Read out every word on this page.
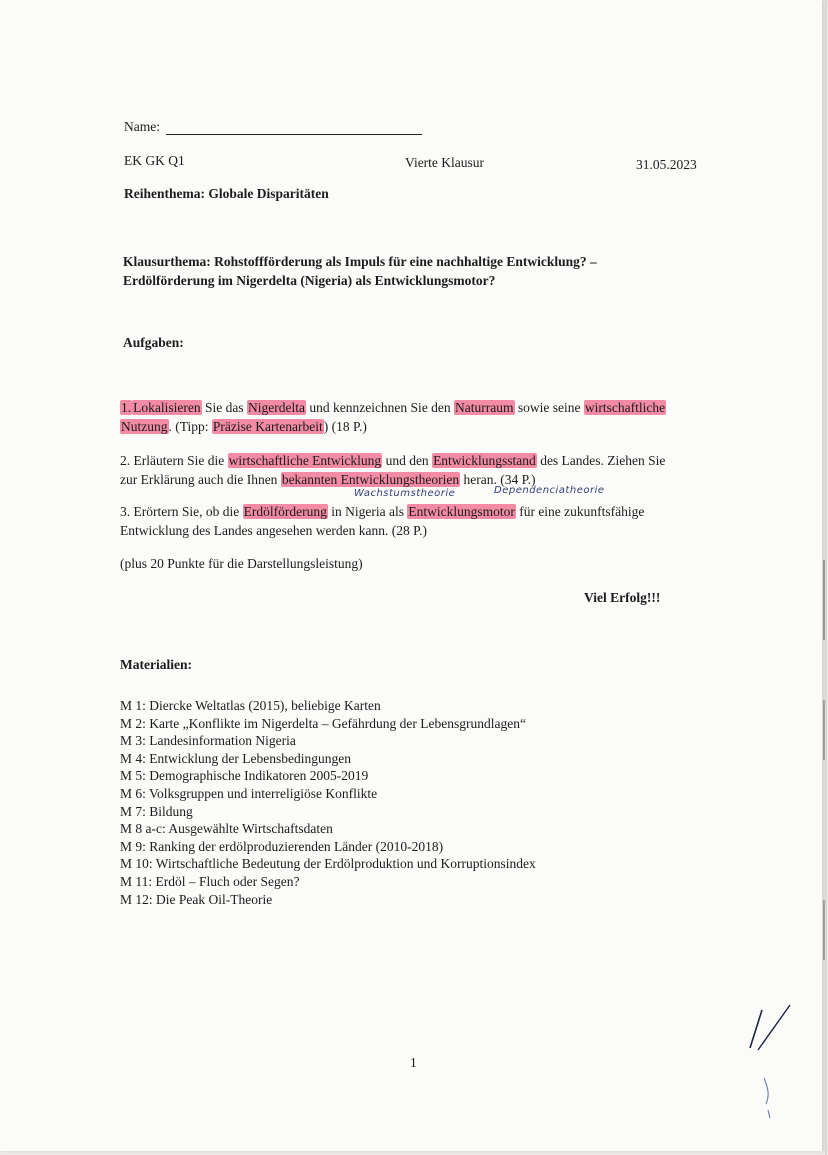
Name:
EK GK Q1	Vierte Klausur	31.05.2023
Reihenthema: Globale Disparitäten
Klausurthema: Rohstoffförderung als Impuls für eine nachhaltige Entwicklung? –
Erdölförderung im Nigerdelta (Nigeria) als Entwicklungsmotor?
Aufgaben:
1. Lokalisieren Sie das Nigerdelta und kennzeichnen Sie den Naturraum sowie seine wirtschaftliche
Nutzung. (Tipp: Präzise Kartenarbeit) (18 P.)
2. Erläutern Sie die wirtschaftliche Entwicklung und den Entwicklungsstand des Landes. Ziehen Sie
zur Erklärung auch die Ihnen bekannten Entwicklungstheorien heran. (34 P.)
Wachstumstheorie	Dependenciatheorie
3. Erörtern Sie, ob die Erdölförderung in Nigeria als Entwicklungsmotor für eine zukunftsfähige
Entwicklung des Landes angesehen werden kann. (28 P.)
(plus 20 Punkte für die Darstellungsleistung)
Viel Erfolg!!!
Materialien:
M 1: Diercke Weltatlas (2015), beliebige Karten
M 2: Karte „Konflikte im Nigerdelta – Gefährdung der Lebensgrundlagen“
M 3: Landesinformation Nigeria
M 4: Entwicklung der Lebensbedingungen
M 5: Demographische Indikatoren 2005-2019
M 6: Volksgruppen und interreligiöse Konflikte
M 7: Bildung
M 8 a-c: Ausgewählte Wirtschaftsdaten
M 9: Ranking der erdölproduzierenden Länder (2010-2018)
M 10: Wirtschaftliche Bedeutung der Erdölproduktion und Korruptionsindex
M 11: Erdöl – Fluch oder Segen?
M 12: Die Peak Oil-Theorie
1
